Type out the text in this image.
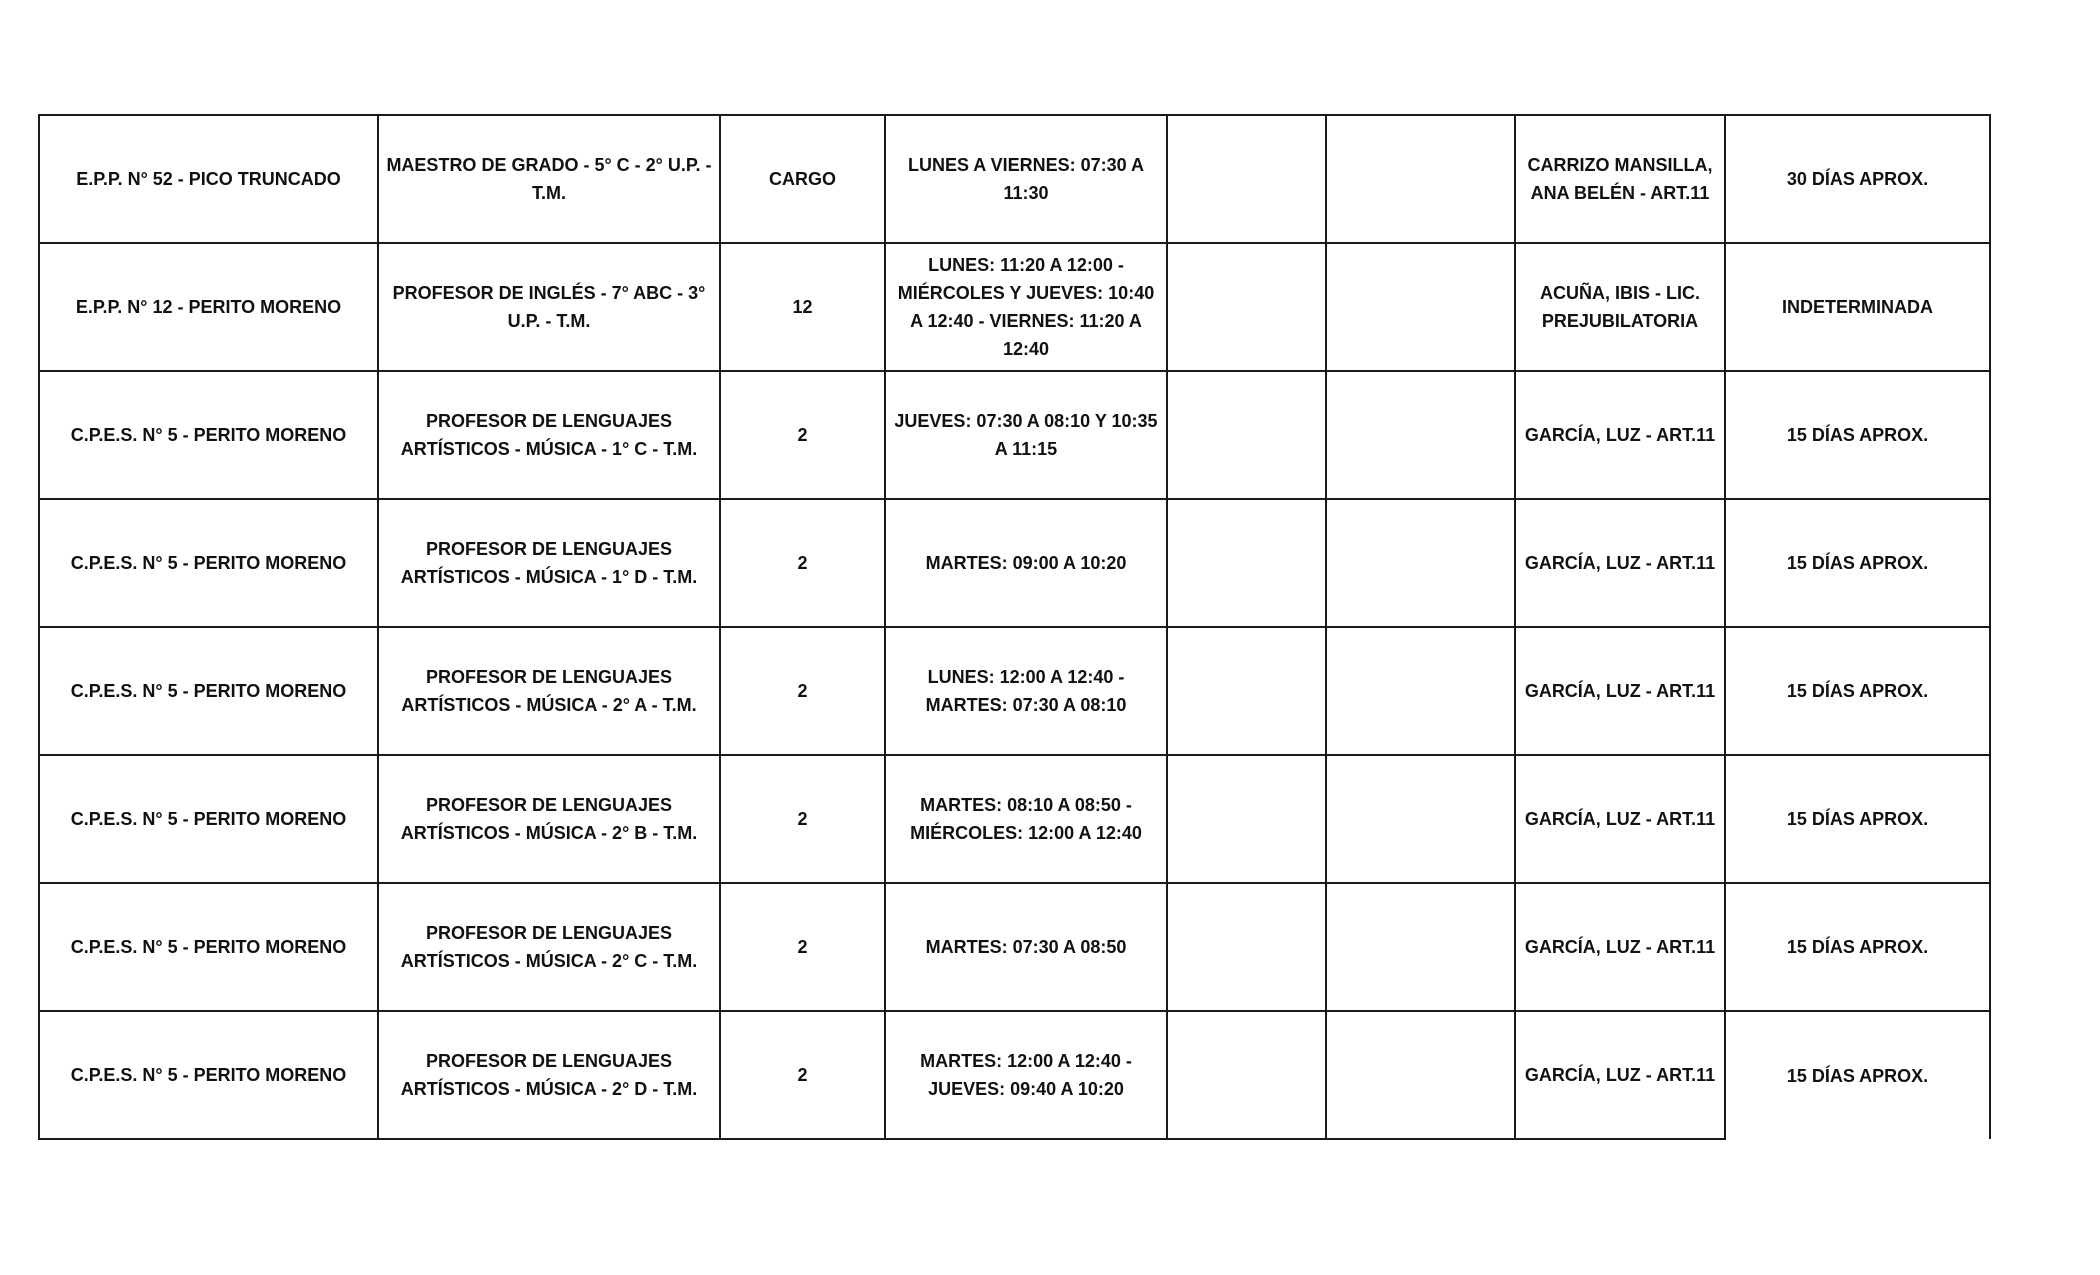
E.P.P. N° 52 - PICO TRUNCADO	MAESTRO DE GRADO - 5° C - 2° U.P. - T.M.	CARGO	LUNES A VIERNES: 07:30 A 11:30			CARRIZO MANSILLA, ANA BELÉN - ART.11	30 DÍAS APROX.
E.P.P. N° 12 - PERITO MORENO	PROFESOR DE INGLÉS - 7° ABC - 3° U.P. - T.M.	12	LUNES: 11:20 A 12:00 - MIÉRCOLES Y JUEVES: 10:40 A 12:40 - VIERNES: 11:20 A 12:40			ACUÑA, IBIS - LIC. PREJUBILATORIA	INDETERMINADA
C.P.E.S. N° 5 - PERITO MORENO	PROFESOR DE LENGUAJES ARTÍSTICOS - MÚSICA - 1° C - T.M.	2	JUEVES: 07:30 A 08:10 Y 10:35 A 11:15			GARCÍA, LUZ - ART.11	15 DÍAS APROX.
C.P.E.S. N° 5 - PERITO MORENO	PROFESOR DE LENGUAJES ARTÍSTICOS - MÚSICA - 1° D - T.M.	2	MARTES: 09:00 A 10:20			GARCÍA, LUZ - ART.11	15 DÍAS APROX.
C.P.E.S. N° 5 - PERITO MORENO	PROFESOR DE LENGUAJES ARTÍSTICOS - MÚSICA - 2° A - T.M.	2	LUNES: 12:00 A 12:40 - MARTES: 07:30 A 08:10			GARCÍA, LUZ - ART.11	15 DÍAS APROX.
C.P.E.S. N° 5 - PERITO MORENO	PROFESOR DE LENGUAJES ARTÍSTICOS - MÚSICA - 2° B - T.M.	2	MARTES: 08:10 A 08:50 - MIÉRCOLES: 12:00 A 12:40			GARCÍA, LUZ - ART.11	15 DÍAS APROX.
C.P.E.S. N° 5 - PERITO MORENO	PROFESOR DE LENGUAJES ARTÍSTICOS - MÚSICA - 2° C - T.M.	2	MARTES: 07:30 A 08:50			GARCÍA, LUZ - ART.11	15 DÍAS APROX.
C.P.E.S. N° 5 - PERITO MORENO	PROFESOR DE LENGUAJES ARTÍSTICOS - MÚSICA - 2° D - T.M.	2	MARTES: 12:00 A 12:40 - JUEVES: 09:40 A 10:20			GARCÍA, LUZ - ART.11	15 DÍAS APROX.
